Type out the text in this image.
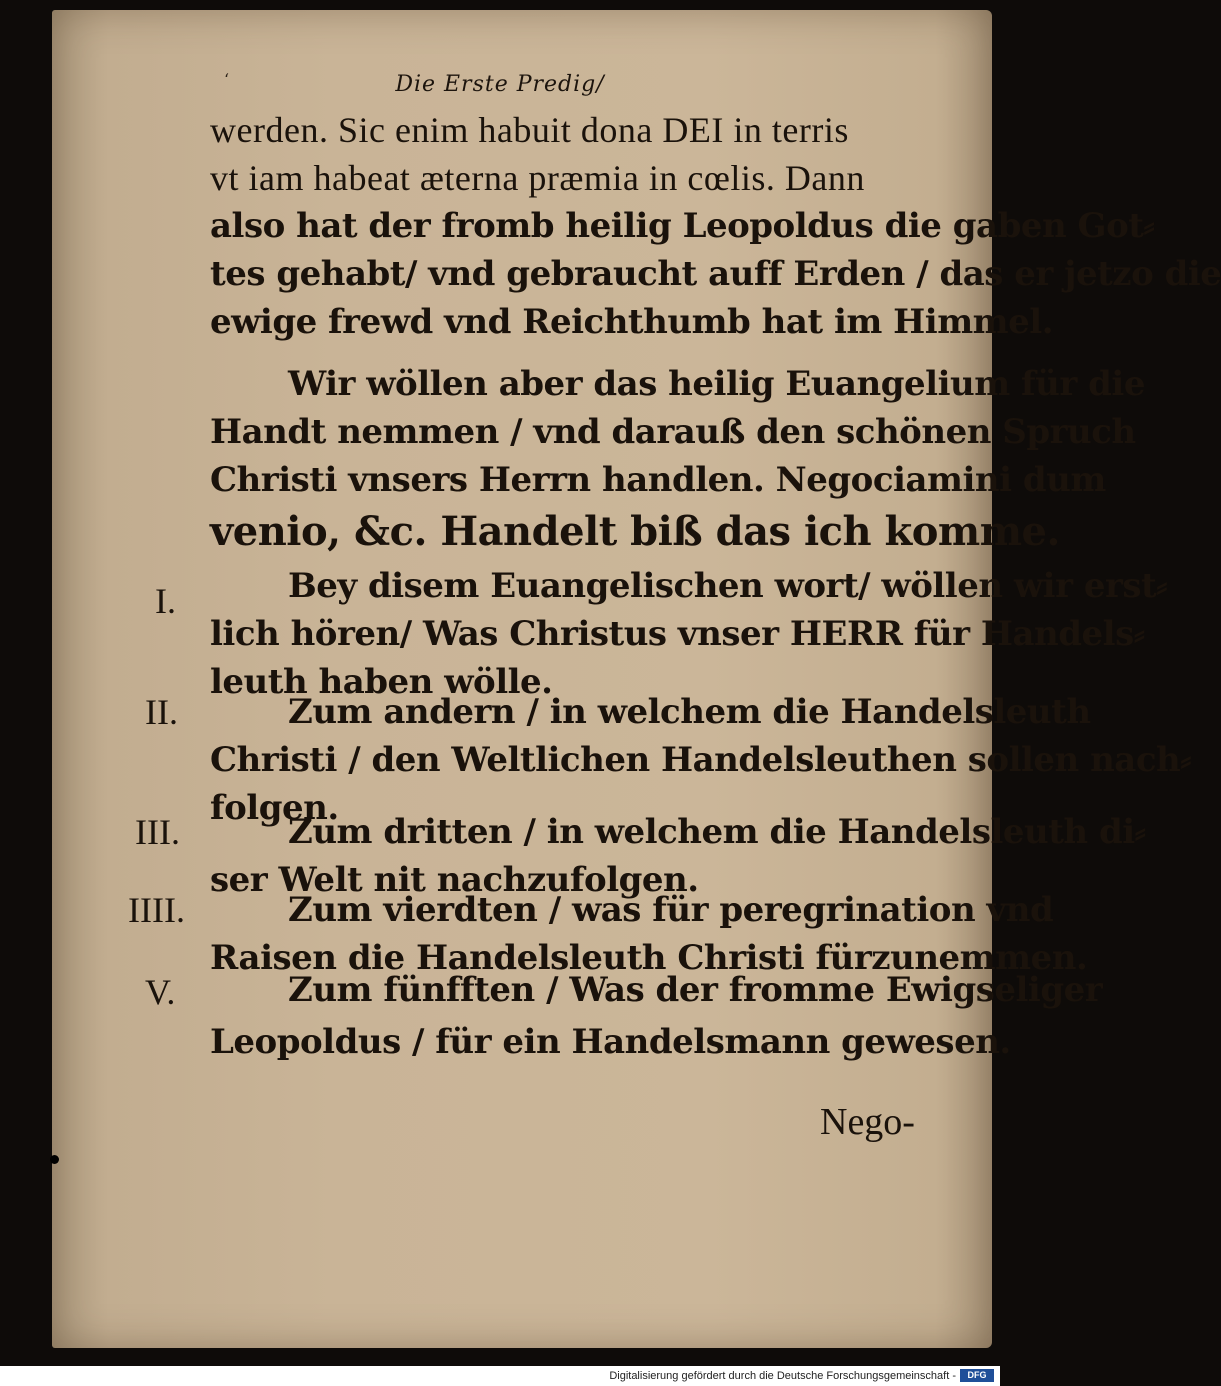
‘	Die Erste Predig/
werden. Sic enim habuit dona DEI in terris
vt iam habeat æterna præmia in cœlis. Dann
also hat der fromb heilig Leopoldus die gaben Got⸗
tes gehabt/ vnd gebraucht auff Erden / das er jetzo die
ewige frewd vnd Reichthumb hat im Himmel.
Wir wöllen aber das heilig Euangelium für die
Handt nemmen / vnd darauß den schönen Spruch
Christi vnsers Herrn handlen. Negociamini dum
venio, &c. Handelt biß das ich komme.
I.	Bey disem Euangelischen wort/ wöllen wir erst⸗
lich hören/ Was Christus vnser HERR für Handels⸗
leuth haben wölle.
II.	Zum andern / in welchem die Handelsleuth
Christi / den Weltlichen Handelsleuthen sollen nach⸗
folgen.
III.	Zum dritten / in welchem die Handelsleuth di⸗
ser Welt nit nachzufolgen.
IIII.	Zum vierdten / was für peregrination vnd
Raisen die Handelsleuth Christi fürzunemmen.
V.	Zum fünfften / Was der fromme Ewigseliger
Leopoldus / für ein Handelsmann gewesen.
Nego-
Digitalisierung gefördert durch die Deutsche Forschungsgemeinschaft -	DFG
